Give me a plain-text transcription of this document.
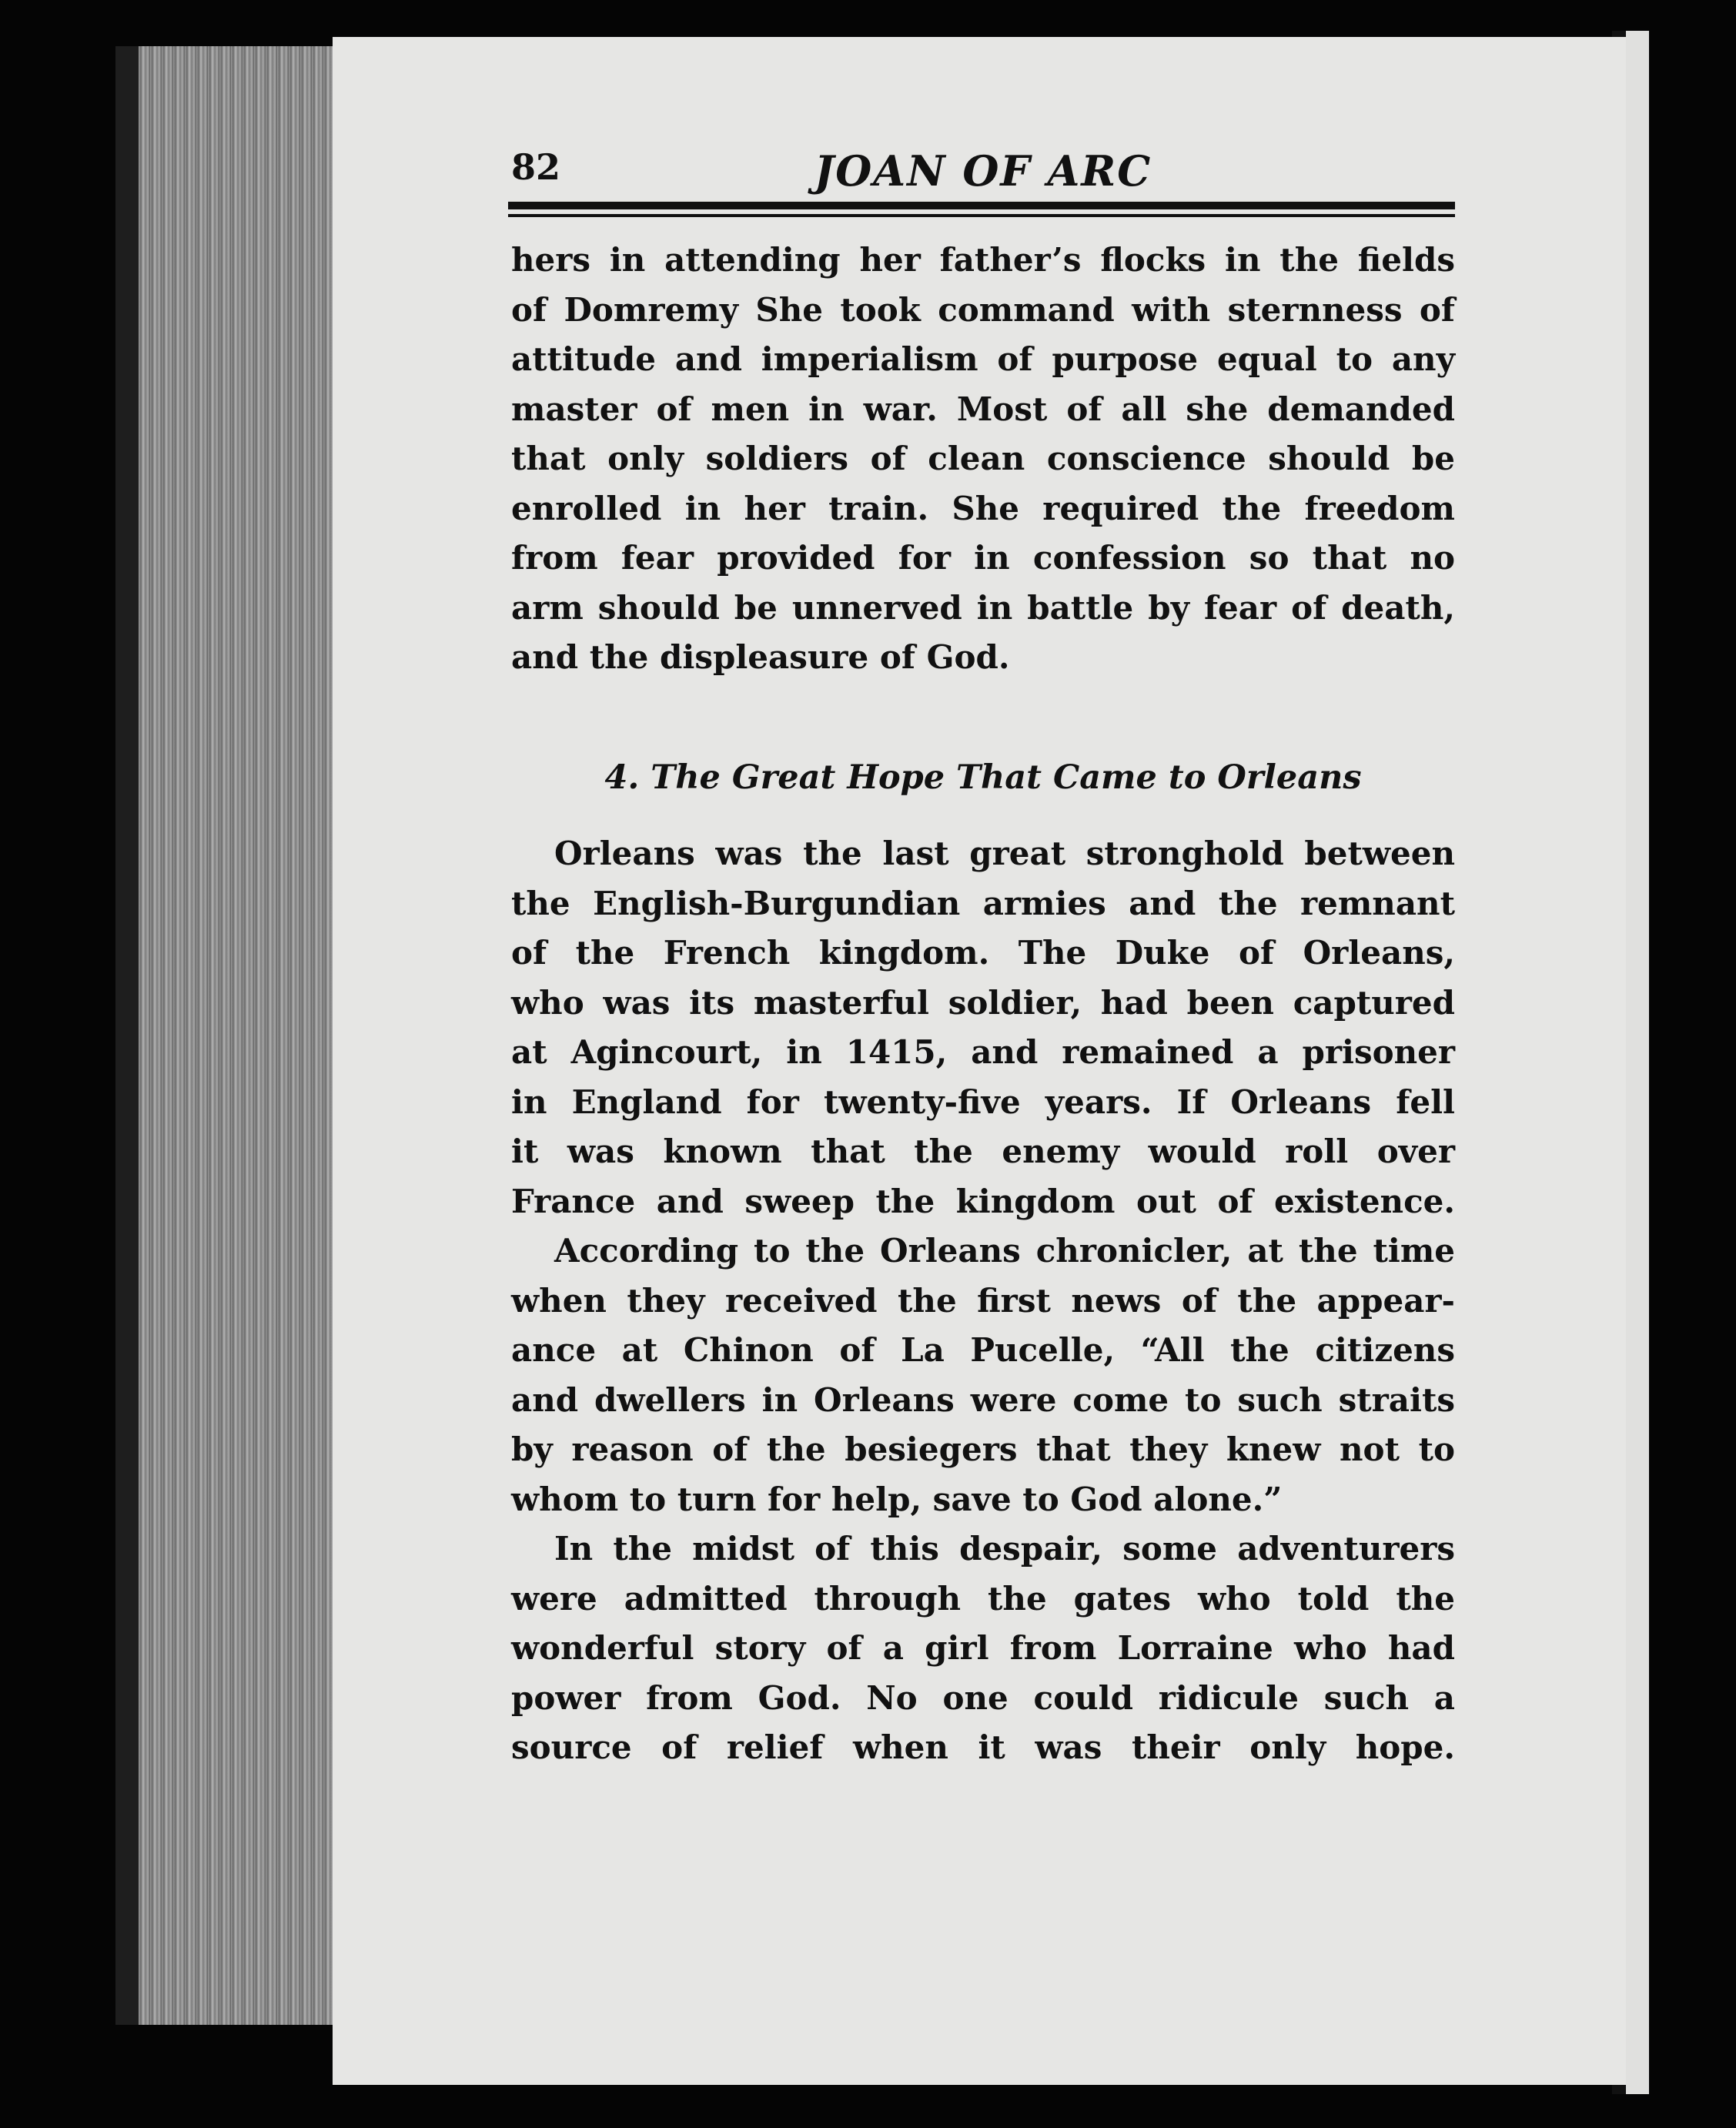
82	JOAN OF ARC
hers in attending her father’s flocks in the fields
of Domremy She took command with sternness of
attitude and imperialism of purpose equal to any
master of men in war. Most of all she demanded
that only soldiers of clean conscience should be
enrolled in her train. She required the freedom
from fear provided for in confession so that no
arm should be unnerved in battle by fear of death,
and the displeasure of God.
4. The Great Hope That Came to Orleans
Orleans was the last great stronghold between
the English-Burgundian armies and the remnant
of the French kingdom. The Duke of Orleans,
who was its masterful soldier, had been captured
at Agincourt, in 1415, and remained a prisoner
in England for twenty-five years. If Orleans fell
it was known that the enemy would roll over
France and sweep the kingdom out of existence.
According to the Orleans chronicler, at the time
when they received the first news of the appear-
ance at Chinon of La Pucelle, “All the citizens
and dwellers in Orleans were come to such straits
by reason of the besiegers that they knew not to
whom to turn for help, save to God alone.”
In the midst of this despair, some adventurers
were admitted through the gates who told the
wonderful story of a girl from Lorraine who had
power from God. No one could ridicule such a
source of relief when it was their only hope.
